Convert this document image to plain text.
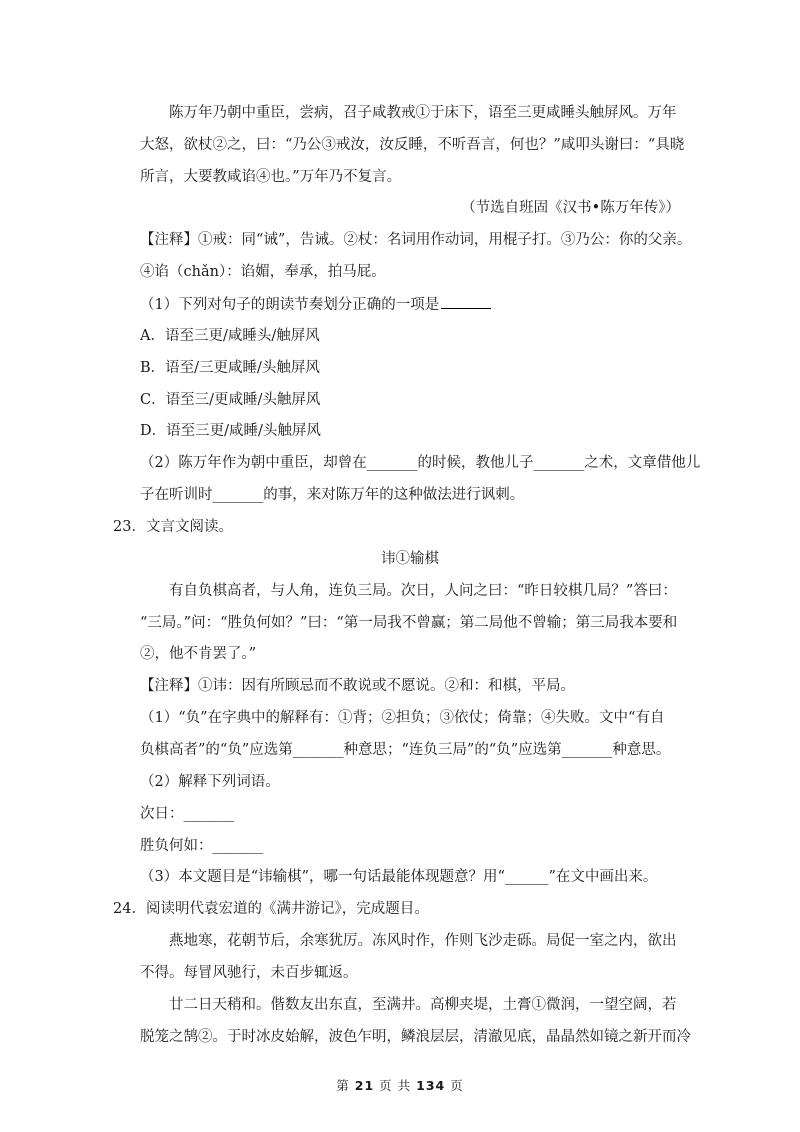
陈万年乃朝中重臣，尝病，召子咸教戒①于床下，语至三更咸睡头触屏风。万年
大怒，欲杖②之，曰：“乃公③戒汝，汝反睡，不听吾言，何也？”咸叩头谢曰：“具晓
所言，大要教咸谄④也。”万年乃不复言。
（节选自班固《汉书•陈万年传》）
【注释】①戒：同“诫”，告诫。②杖：名词用作动词，用棍子打。③乃公：你的父亲。
④谄（chǎn）：谄媚，奉承，拍马屁。
（1）下列对句子的朗读节奏划分正确的一项是
A．语至三更/咸睡头/触屏风
B．语至/三更咸睡/头触屏风
C．语至三/更咸睡/头触屏风
D．语至三更/咸睡/头触屏风
（2）陈万年作为朝中重臣，却曾在_______的时候，教他儿子_______之术，文章借他儿
子在听训时_______的事，来对陈万年的这种做法进行讽刺。
23．文言文阅读。
讳①输棋
有自负棋高者，与人角，连负三局。次日，人问之曰：“昨日较棋几局？”答曰：
“三局。”问：“胜负何如？”曰：“第一局我不曾赢；第二局他不曾输；第三局我本要和
②，他不肯罢了。”
【注释】①讳：因有所顾忌而不敢说或不愿说。②和：和棋，平局。
（1）“负”在字典中的解释有：①背；②担负；③依仗；倚靠；④失败。文中“有自
负棋高者”的“负”应选第_______种意思；“连负三局”的“负”应选第_______种意思。
（2）解释下列词语。
次日：_______
胜负何如：_______
（3）本文题目是“讳输棋”，哪一句话最能体现题意？用“______”在文中画出来。
24．阅读明代袁宏道的《满井游记》，完成题目。
燕地寒，花朝节后，余寒犹厉。冻风时作，作则飞沙走砾。局促一室之内，欲出
不得。每冒风驰行，未百步辄返。
廿二日天稍和。偕数友出东直，至满井。高柳夹堤，土膏①微润，一望空阔，若
脱笼之鹄②。于时冰皮始解，波色乍明，鳞浪层层，清澈见底，晶晶然如镜之新开而冷
第 21 页 共 134 页
